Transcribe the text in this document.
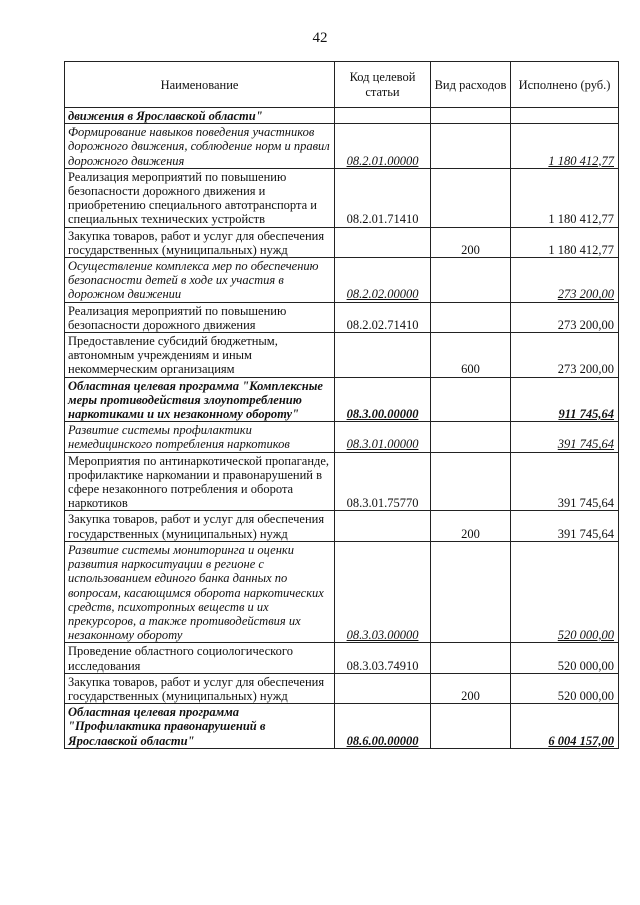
42
Наименование	Код целевой статьи	Вид расходов	Исполнено (руб.)
движения в Ярославской области"			
Формирование навыков поведения участников дорожного движения, соблюдение норм и правил дорожного движения	08.2.01.00000		1 180 412,77
Реализация мероприятий по повышению безопасности дорожного движения и приобретению специального автотранспорта и специальных технических устройств	08.2.01.71410		1 180 412,77
Закупка товаров, работ и услуг для обеспечения государственных (муниципальных) нужд		200	1 180 412,77
Осуществление комплекса мер по обеспечению безопасности детей в ходе их участия в дорожном движении	08.2.02.00000		273 200,00
Реализация мероприятий по повышению безопасности дорожного движения	08.2.02.71410		273 200,00
Предоставление субсидий бюджетным, автономным учреждениям и иным некоммерческим организациям		600	273 200,00
Областная целевая программа "Комплексные меры противодействия злоупотреблению наркотиками и их незаконному обороту"	08.3.00.00000		911 745,64
Развитие системы профилактики немедицинского потребления наркотиков	08.3.01.00000		391 745,64
Мероприятия по антинаркотической пропаганде, профилактике наркомании и правонарушений в сфере незаконного потребления и оборота наркотиков	08.3.01.75770		391 745,64
Закупка товаров, работ и услуг для обеспечения государственных (муниципальных) нужд		200	391 745,64
Развитие системы мониторинга и оценки развития наркоситуации в регионе с использованием единого банка данных по вопросам, касающимся оборота наркотических средств, психотропных веществ и их прекурсоров, а также противодействия их незаконному обороту	08.3.03.00000		520 000,00
Проведение областного социологического исследования	08.3.03.74910		520 000,00
Закупка товаров, работ и услуг для обеспечения государственных (муниципальных) нужд		200	520 000,00
Областная целевая программа "Профилактика правонарушений в Ярославской области"	08.6.00.00000		6 004 157,00
